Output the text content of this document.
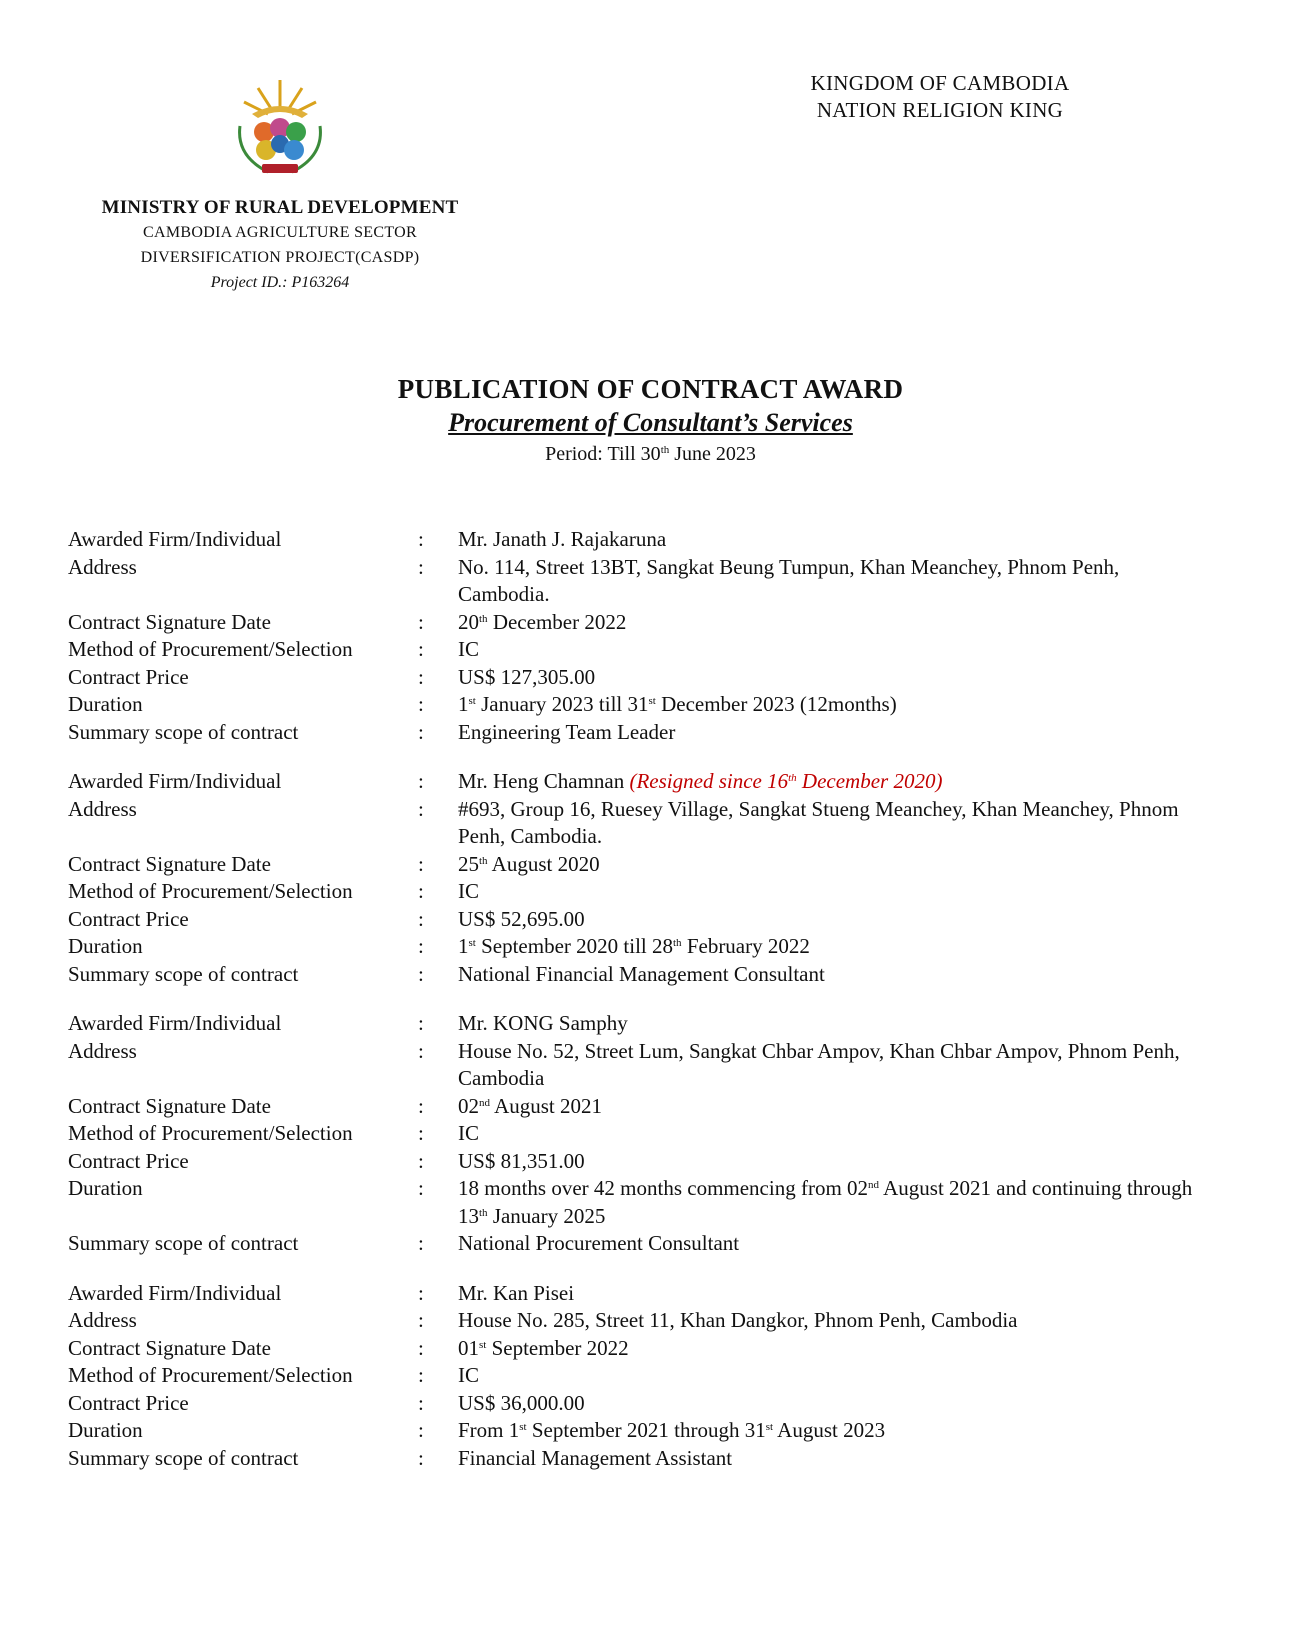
MINISTRY OF RURAL DEVELOPMENT
CAMBODIA AGRICULTURE SECTOR
DIVERSIFICATION PROJECT(CASDP)
Project ID.: P163264
KINGDOM OF CAMBODIA
NATION RELIGION KING
PUBLICATION OF CONTRACT AWARD
Procurement of Consultant’s Services
Period: Till 30th June 2023
Awarded Firm/Individual	:	Mr. Janath J. Rajakaruna
Address	:	No. 114, Street 13BT, Sangkat Beung Tumpun, Khan Meanchey, Phnom Penh, Cambodia.
Contract Signature Date	:	20th December 2022
Method of Procurement/Selection	:	IC
Contract Price	:	US$ 127,305.00
Duration	:	1st January 2023 till 31st December 2023 (12months)
Summary scope of contract	:	Engineering Team Leader
Awarded Firm/Individual	:	Mr. Heng Chamnan (Resigned since 16th December 2020)
Address	:	#693, Group 16, Ruesey Village, Sangkat Stueng Meanchey, Khan Meanchey, Phnom Penh, Cambodia.
Contract Signature Date	:	25th August 2020
Method of Procurement/Selection	:	IC
Contract Price	:	US$ 52,695.00
Duration	:	1st September 2020 till 28th February 2022
Summary scope of contract	:	National Financial Management Consultant
Awarded Firm/Individual	:	Mr. KONG Samphy
Address	:	House No. 52, Street Lum, Sangkat Chbar Ampov, Khan Chbar Ampov, Phnom Penh, Cambodia
Contract Signature Date	:	02nd August 2021
Method of Procurement/Selection	:	IC
Contract Price	:	US$ 81,351.00
Duration	:	18 months over 42 months commencing from 02nd August 2021 and continuing through 13th January 2025
Summary scope of contract	:	National Procurement Consultant
Awarded Firm/Individual	:	Mr. Kan Pisei
Address	:	House No. 285, Street 11, Khan Dangkor, Phnom Penh, Cambodia
Contract Signature Date	:	01st September 2022
Method of Procurement/Selection	:	IC
Contract Price	:	US$ 36,000.00
Duration	:	From 1st September 2021 through 31st August 2023
Summary scope of contract	:	Financial Management Assistant
